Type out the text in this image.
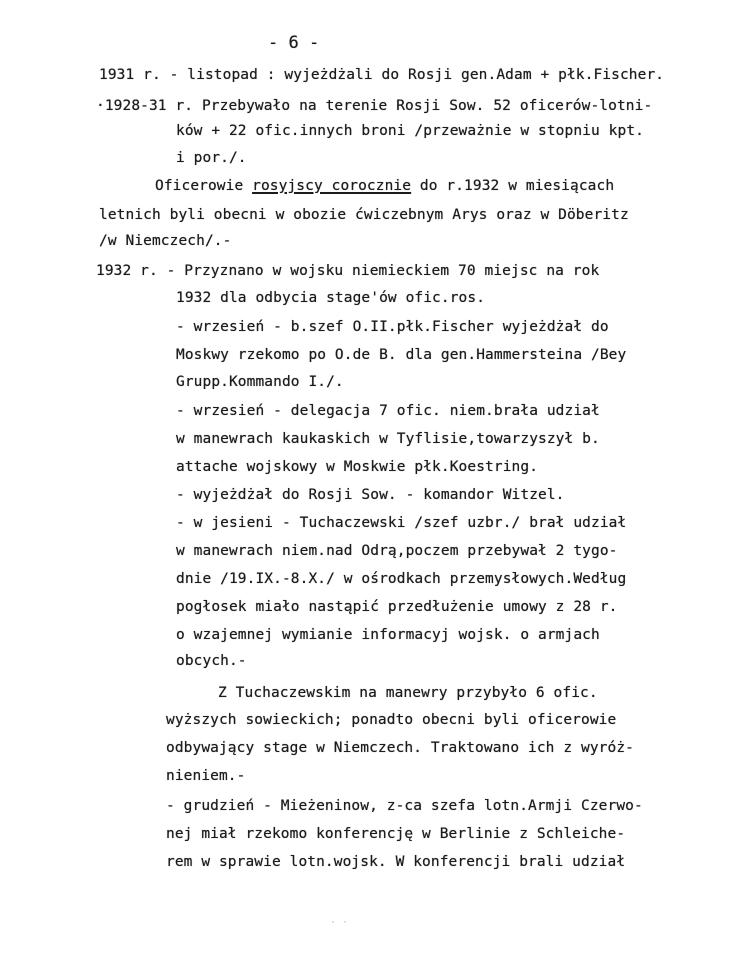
- 6 -
1931 r. - listopad : wyjeżdżali do Rosji gen.Adam + płk.Fischer.
·1928-31 r. Przebywało na terenie Rosji Sow. 52 oficerów-lotni-
ków + 22 ofic.innych broni /przeważnie w stopniu kpt.
i por./.
Oficerowie rosyjscy corocznie do r.1932 w miesiącach
letnich byli obecni w obozie ćwiczebnym Arys oraz w Döberitz
/w Niemczech/.-
1932 r. - Przyznano w wojsku niemieckiem 70 miejsc na rok
1932 dla odbycia stage'ów ofic.ros.
- wrzesień - b.szef O.II.płk.Fischer wyjeżdżał do
Moskwy rzekomo po O.de B. dla gen.Hammersteina /Bey
Grupp.Kommando I./.
- wrzesień - delegacja 7 ofic. niem.brała udział
w manewrach kaukaskich w Tyflisie,towarzyszył b.
attache wojskowy w Moskwie płk.Koestring.
- wyjeżdżał do Rosji Sow. - komandor Witzel.
- w jesieni - Tuchaczewski /szef uzbr./ brał udział
w manewrach niem.nad Odrą,poczem przebywał 2 tygo-
dnie /19.IX.-8.X./ w ośrodkach przemysłowych.Według
pogłosek miało nastąpić przedłużenie umowy z 28 r.
o wzajemnej wymianie informacyj wojsk. o armjach
obcych.-
Z Tuchaczewskim na manewry przybyło 6 ofic.
wyższych sowieckich; ponadto obecni byli oficerowie
odbywający stage w Niemczech. Traktowano ich z wyróż-
nieniem.-
- grudzień - Mieżeninow, z-ca szefa lotn.Armji Czerwo-
nej miał rzekomo konferencję w Berlinie z Schleiche-
rem w sprawie lotn.wojsk. W konferencji brali udział
· ·
